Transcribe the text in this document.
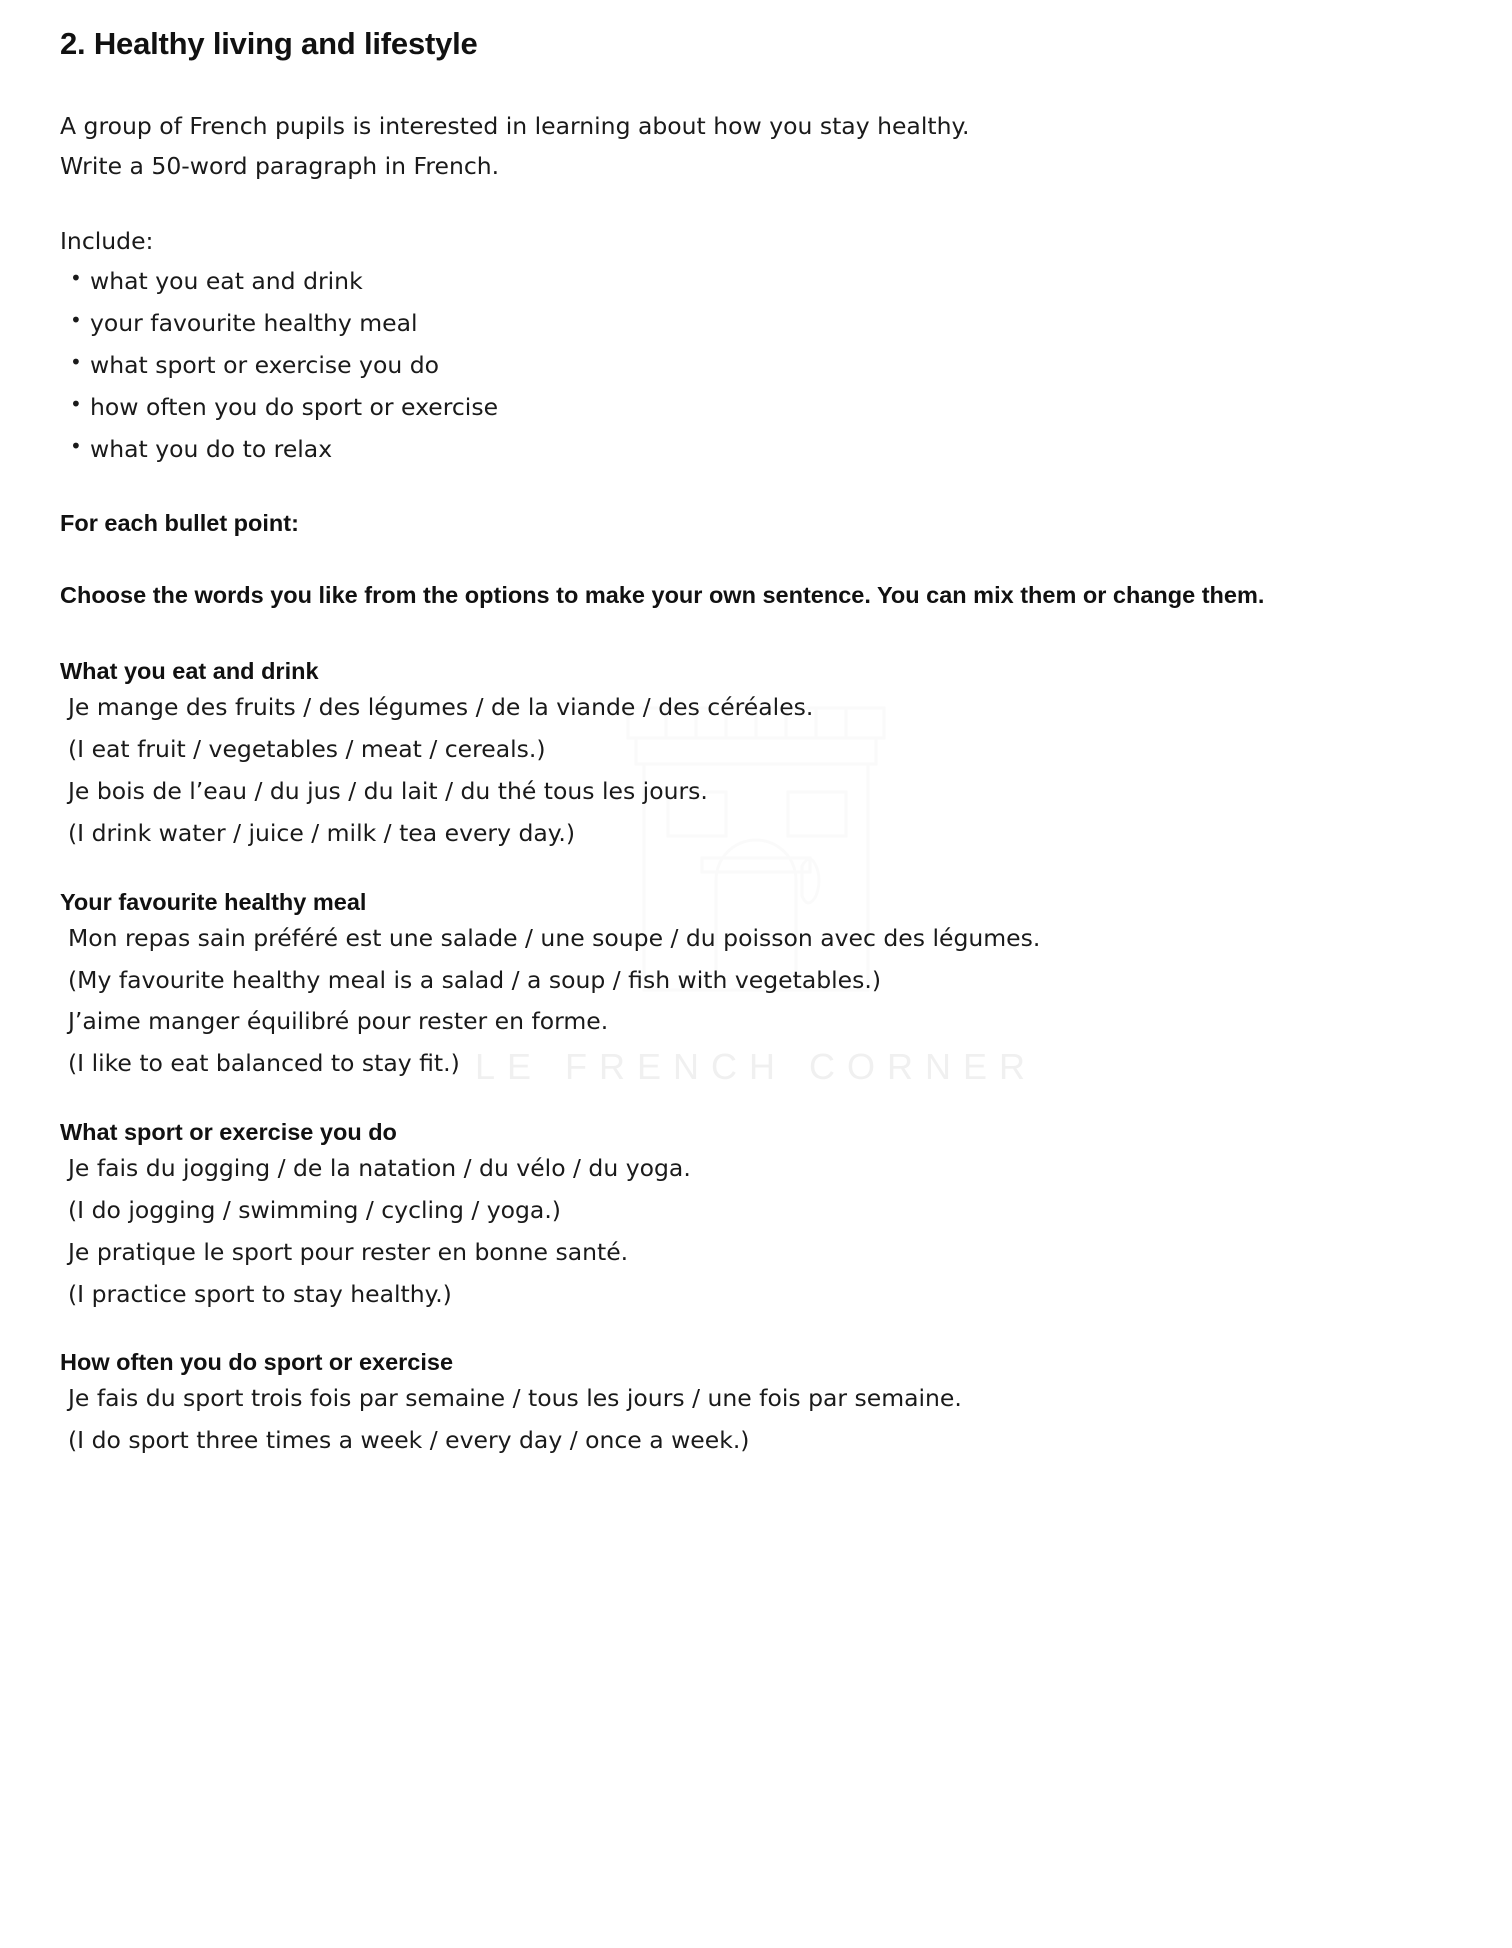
LE FRENCH CORNER
2. Healthy living and lifestyle

A group of French pupils is interested in learning about how you stay healthy.

Write a 50-word paragraph in French.

Include:

• what you eat and drink
• your favourite healthy meal
• what sport or exercise you do
• how often you do sport or exercise
• what you do to relax

For each bullet point:

Choose the words you like from the options to make your own sentence. You can mix them or change them.

What you eat and drink
Je mange des fruits / des légumes / de la viande / des céréales.
(I eat fruit / vegetables / meat / cereals.)
Je bois de l’eau / du jus / du lait / du thé tous les jours.
(I drink water / juice / milk / tea every day.)
Your favourite healthy meal
Mon repas sain préféré est une salade / une soupe / du poisson avec des légumes.
(My favourite healthy meal is a salad / a soup / fish with vegetables.)
J’aime manger équilibré pour rester en forme.
(I like to eat balanced to stay fit.)
What sport or exercise you do
Je fais du jogging / de la natation / du vélo / du yoga.
(I do jogging / swimming / cycling / yoga.)
Je pratique le sport pour rester en bonne santé.
(I practice sport to stay healthy.)
How often you do sport or exercise
Je fais du sport trois fois par semaine / tous les jours / une fois par semaine.
(I do sport three times a week / every day / once a week.)
